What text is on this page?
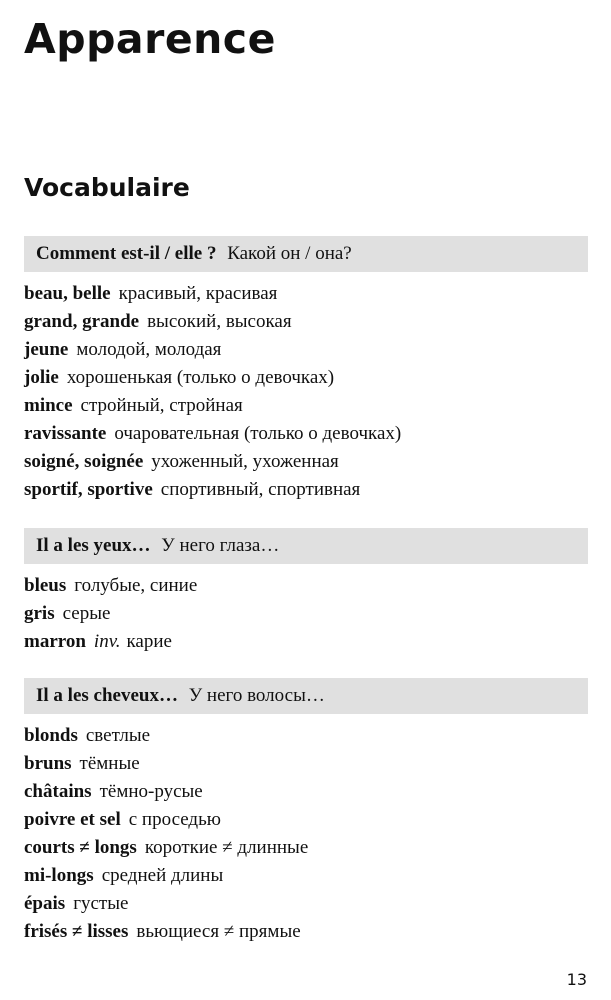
Apparence
Vocabulaire
Comment est-il / elle ? Какой он / она?
beau, belle красивый, красивая
grand, grande высокий, высокая
jeune молодой, молодая
jolie хорошенькая (только о девочках)
mince стройный, стройная
ravissante очаровательная (только о девочках)
soigné, soignée ухоженный, ухоженная
sportif, sportive спортивный, спортивная
Il a les yeux… У него глаза…
bleus голубые, синие
gris серые
marron inv. карие
Il a les cheveux… У него волосы…
blonds светлые
bruns тёмные
châtains тёмно-русые
poivre et sel с проседью
courts ≠ longs короткие ≠ длинные
mi-longs средней длины
épais густые
frisés ≠ lisses вьющиеся ≠ прямые
13
